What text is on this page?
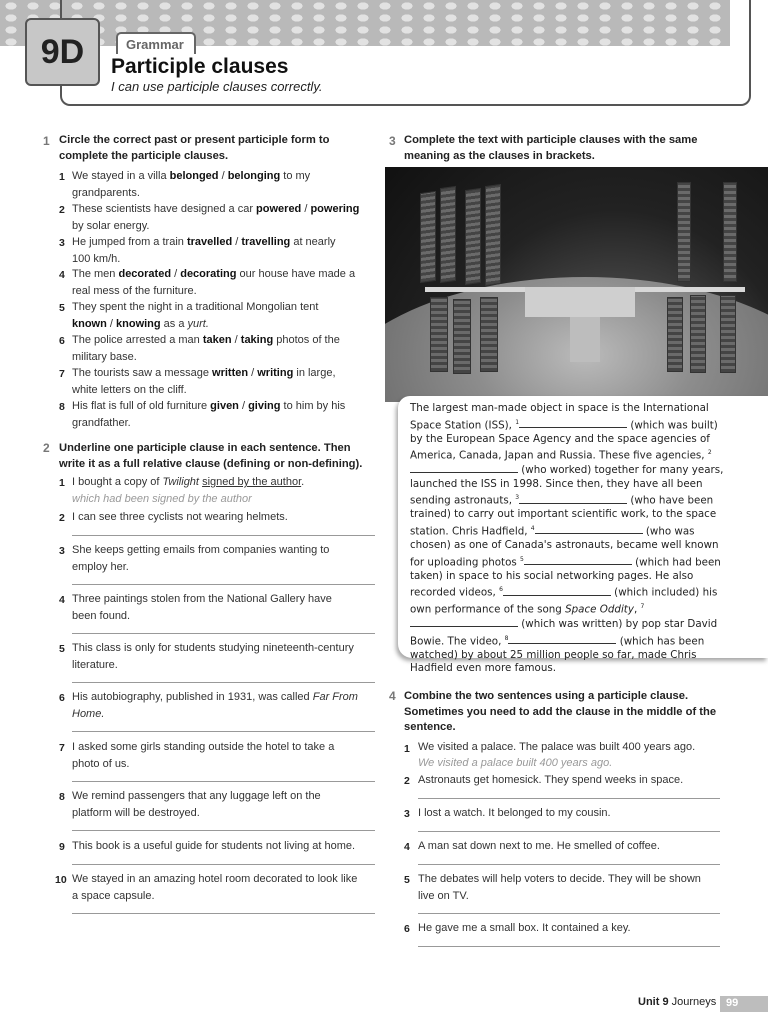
9D	Grammar
Participle clauses
I can use participle clauses correctly.
1 Circle the correct past or present participle form to
complete the participle clauses.
1 We stayed in a villa belonged / belonging to my
grandparents.
2 These scientists have designed a car powered / powering
by solar energy.
3 He jumped from a train travelled / travelling at nearly
100 km/h.
4 The men decorated / decorating our house have made a
real mess of the furniture.
5 They spent the night in a traditional Mongolian tent
known / knowing as a yurt.
6 The police arrested a man taken / taking photos of the
military base.
7 The tourists saw a message written / writing in large,
white letters on the cliff.
8 His flat is full of old furniture given / giving to him by his
grandfather.
2 Underline one participle clause in each sentence. Then
write it as a full relative clause (defining or non-defining).
1 I bought a copy of Twilight signed by the author.
which had been signed by the author
2 I can see three cyclists not wearing helmets.
3 She keeps getting emails from companies wanting to
employ her.
4 Three paintings stolen from the National Gallery have
been found.
5 This class is only for students studying nineteenth-century
literature.
6 His autobiography, published in 1931, was called Far From
Home.
7 I asked some girls standing outside the hotel to take a
photo of us.
8 We remind passengers that any luggage left on the
platform will be destroyed.
9 This book is a useful guide for students not living at home.
10 We stayed in an amazing hotel room decorated to look like
a space capsule.
3 Complete the text with participle clauses with the same
meaning as the clauses in brackets.
The largest man-made object in space is the International Space Station (ISS), $^1$	(which was built) by the European Space Agency and the space agencies of America, Canada, Japan and Russia. These five agencies, $^2$ (who worked) together for many years, launched the ISS in 1998. Since then, they have all been sending astronauts, $^3$	(who have been trained) to carry out important scientific work, to the space station. Chris Hadfield, $^4$	(who was chosen) as one of Canada's astronauts, became well known for uploading photos $^5$	(which had been taken) in space to his social networking pages. He also recorded videos, $^6$	(which included) his own performance of the song Space Oddity, $^7$ (which was written) by pop star David Bowie. The video, $^8$	(which has been watched) by about 25 million people so far, made Chris Hadfield even more famous.
4 Combine the two sentences using a participle clause.
Sometimes you need to add the clause in the middle of the
sentence.
1 We visited a palace. The palace was built 400 years ago.
We visited a palace built 400 years ago.
2 Astronauts get homesick. They spend weeks in space.
3 I lost a watch. It belonged to my cousin.
4 A man sat down next to me. He smelled of coffee.
5 The debates will help voters to decide. They will be shown
live on TV.
6 He gave me a small box. It contained a key.
Unit 9 Journeys 99
